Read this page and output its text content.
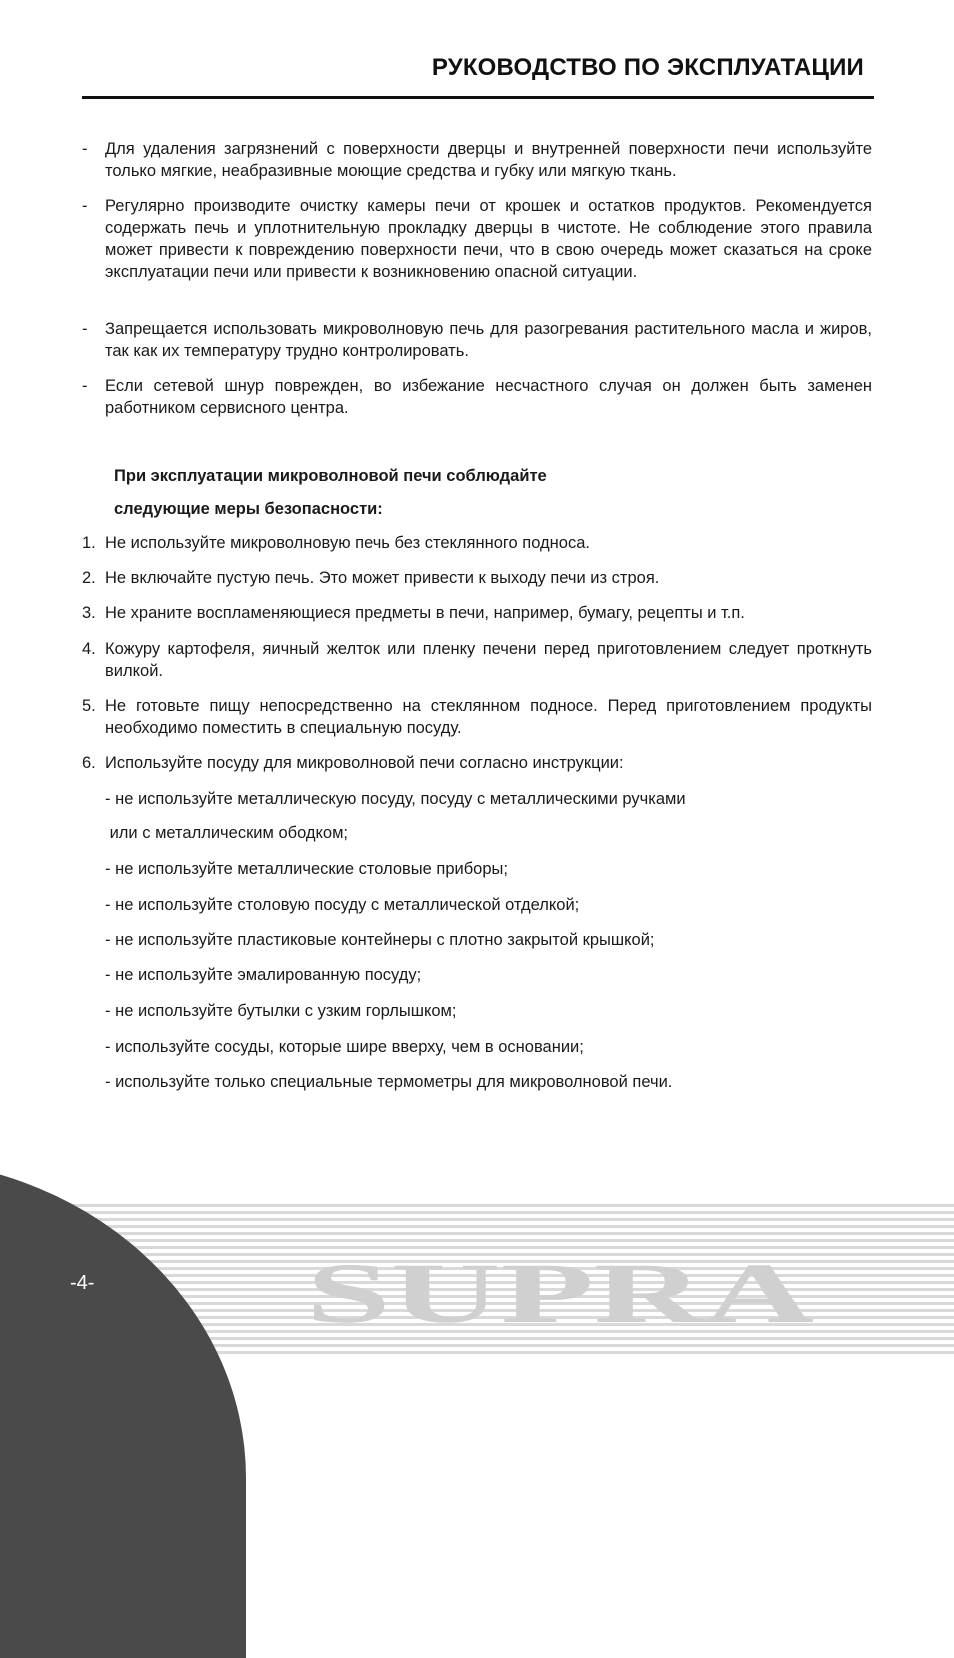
РУКОВОДСТВО ПО ЭКСПЛУАТАЦИИ
- Для удаления загрязнений с поверхности дверцы и внутренней поверхности печи используйте только мягкие, неабразивные моющие средства и губку или мягкую ткань.
- Регулярно производите очистку камеры печи от крошек и остатков продуктов. Рекомендуется содержать печь и уплотнительную прокладку дверцы в чистоте. Не соблюдение этого правила может привести к повреждению поверхности печи, что в свою очередь может сказаться на сроке эксплуатации печи или привести к возникновению опасной ситуации.
- Запрещается использовать микроволновую печь для разогревания растительного масла и жиров, так как их температуру трудно контролировать.
- Если сетевой шнур поврежден, во избежание несчастного случая он должен быть заменен работником сервисного центра.
При эксплуатации микроволновой печи соблюдайте
следующие меры безопасности:
1. Не используйте микроволновую печь без стеклянного подноса.
2. Не включайте пустую печь. Это может привести к выходу печи из строя.
3. Не храните воспламеняющиеся предметы в печи, например, бумагу, рецепты и т.п.
4. Кожуру картофеля, яичный желток или пленку печени перед приготовлением следует проткнуть вилкой.
5. Не готовьте пищу непосредственно на стеклянном подносе. Перед приготовлением продукты необходимо поместить в специальную посуду.
6. Используйте посуду для микроволновой печи согласно инструкции:
- не используйте металлическую посуду, посуду с металлическими ручками
или с металлическим ободком;
- не используйте металлические столовые приборы;
- не используйте столовую посуду с металлической отделкой;
- не используйте пластиковые контейнеры с плотно закрытой крышкой;
- не используйте эмалированную посуду;
- не используйте бутылки с узким горлышком;
- используйте сосуды, которые шире вверху, чем в основании;
- используйте только специальные термометры для микроволновой печи.
-4- SUPRA
